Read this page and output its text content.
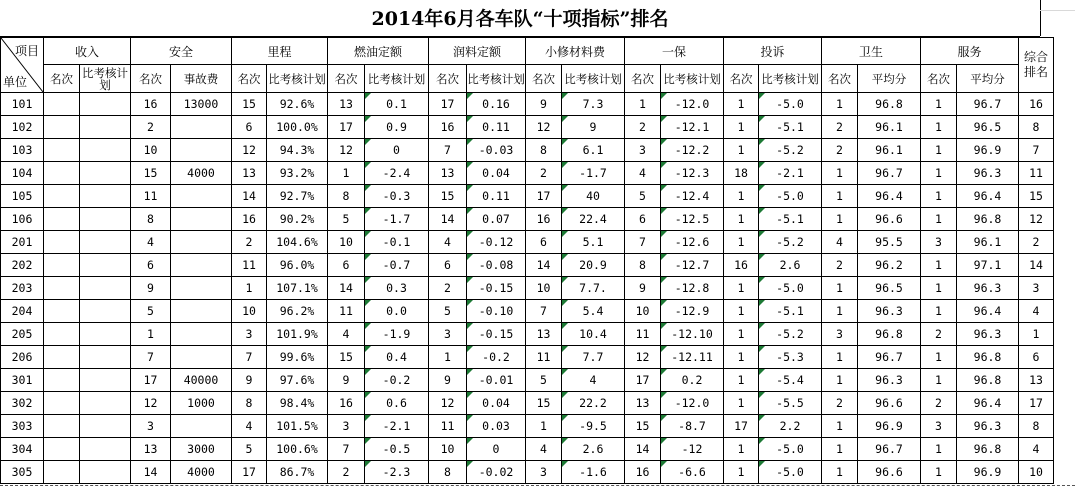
2014年6月各车队“十项指标”排名
项目
单位	收入		安全		里程		燃油定额		润料定额		小修材料费		一保		投诉		卫生		服务		综合排名
	名次	比考核计划	名次	事故费	名次	比考核计划	名次	比考核计划	名次	比考核计划	名次	比考核计划	名次	比考核计划	名次	比考核计划	名次	平均分	名次	平均分	
101			16	13000	15	92.6%	13	0.1	17	0.16	9	7.3	1	-12.0	1	-5.0	1	96.8	1	96.7	16
102			2		6	100.0%	17	0.9	16	0.11	12	9	2	-12.1	1	-5.1	2	96.1	1	96.5	8
103			10		12	94.3%	12	0	7	-0.03	8	6.1	3	-12.2	1	-5.2	2	96.1	1	96.9	7
104			15	4000	13	93.2%	1	-2.4	13	0.04	2	-1.7	4	-12.3	18	-2.1	1	96.7	1	96.3	11
105			11		14	92.7%	8	-0.3	15	0.11	17	40	5	-12.4	1	-5.0	1	96.4	1	96.4	15
106			8		16	90.2%	5	-1.7	14	0.07	16	22.4	6	-12.5	1	-5.1	1	96.6	1	96.8	12
201			4		2	104.6%	10	-0.1	4	-0.12	6	5.1	7	-12.6	1	-5.2	4	95.5	3	96.1	2
202			6		11	96.0%	6	-0.7	6	-0.08	14	20.9	8	-12.7	16	2.6	2	96.2	1	97.1	14
203			9		1	107.1%	14	0.3	2	-0.15	10	7.7.	9	-12.8	1	-5.0	1	96.5	1	96.3	3
204			5		10	96.2%	11	0.0	5	-0.10	7	5.4	10	-12.9	1	-5.1	1	96.3	1	96.4	4
205			1		3	101.9%	4	-1.9	3	-0.15	13	10.4	11	-12.10	1	-5.2	3	96.8	2	96.3	1
206			7		7	99.6%	15	0.4	1	-0.2	11	7.7	12	-12.11	1	-5.3	1	96.7	1	96.8	6
301			17	40000	9	97.6%	9	-0.2	9	-0.01	5	4	17	0.2	1	-5.4	1	96.3	1	96.8	13
302			12	1000	8	98.4%	16	0.6	12	0.04	15	22.2	13	-12.0	1	-5.5	2	96.6	2	96.4	17
303			3		4	101.5%	3	-2.1	11	0.03	1	-9.5	15	-8.7	17	2.2	1	96.9	3	96.3	8
304			13	3000	5	100.6%	7	-0.5	10	0	4	2.6	14	-12	1	-5.0	1	96.7	1	96.8	4
305			14	4000	17	86.7%	2	-2.3	8	-0.02	3	-1.6	16	-6.6	1	-5.0	1	96.6	1	96.9	10
